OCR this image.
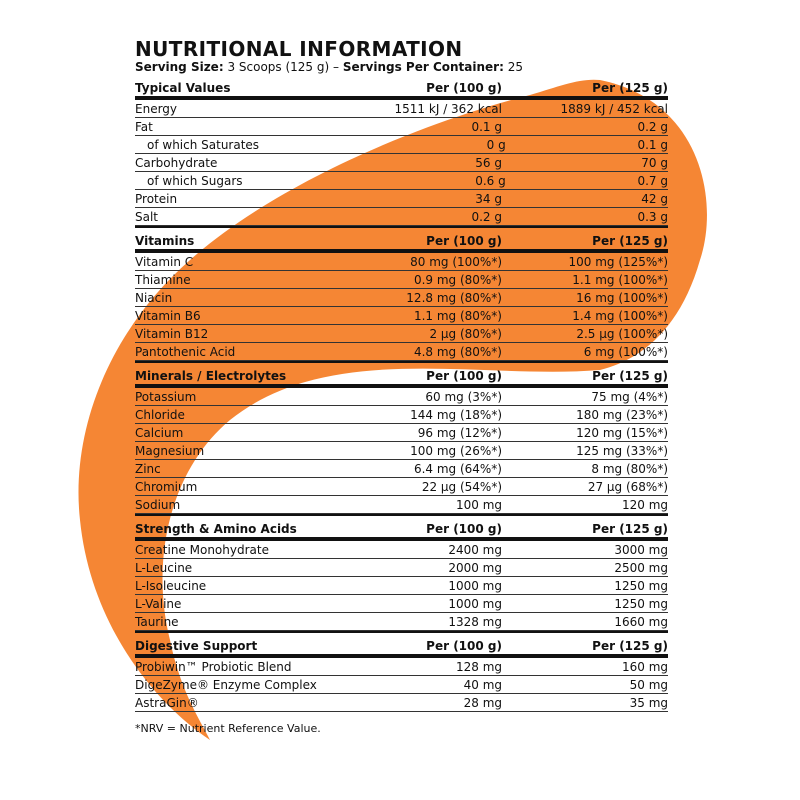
NUTRITIONAL INFORMATION
Serving Size: 3 Scoops (125 g) – Servings Per Container: 25
Typical Values	Per (100 g)	Per (125 g)
Energy	1511 kJ / 362 kcal	1889 kJ / 452 kcal
Fat	0.1 g	0.2 g
of which Saturates	0 g	0.1 g
Carbohydrate	56 g	70 g
of which Sugars	0.6 g	0.7 g
Protein	34 g	42 g
Salt	0.2 g	0.3 g
Vitamins	Per (100 g)	Per (125 g)
Vitamin C	80 mg (100%*)	100 mg (125%*)
Thiamine	0.9 mg (80%*)	1.1 mg (100%*)
Niacin	12.8 mg (80%*)	16 mg (100%*)
Vitamin B6	1.1 mg (80%*)	1.4 mg (100%*)
Vitamin B12	2 µg (80%*)	2.5 µg (100%*)
Pantothenic Acid	4.8 mg (80%*)	6 mg (100%*)
Minerals / Electrolytes	Per (100 g)	Per (125 g)
Potassium	60 mg (3%*)	75 mg (4%*)
Chloride	144 mg (18%*)	180 mg (23%*)
Calcium	96 mg (12%*)	120 mg (15%*)
Magnesium	100 mg (26%*)	125 mg (33%*)
Zinc	6.4 mg (64%*)	8 mg (80%*)
Chromium	22 µg (54%*)	27 µg (68%*)
Sodium	100 mg	120 mg
Strength & Amino Acids	Per (100 g)	Per (125 g)
Creatine Monohydrate	2400 mg	3000 mg
L-Leucine	2000 mg	2500 mg
L-Isoleucine	1000 mg	1250 mg
L-Valine	1000 mg	1250 mg
Taurine	1328 mg	1660 mg
Digestive Support	Per (100 g)	Per (125 g)
Probiwin™ Probiotic Blend	128 mg	160 mg
DigeZyme® Enzyme Complex	40 mg	50 mg
AstraGin®	28 mg	35 mg
*NRV = Nutrient Reference Value.
